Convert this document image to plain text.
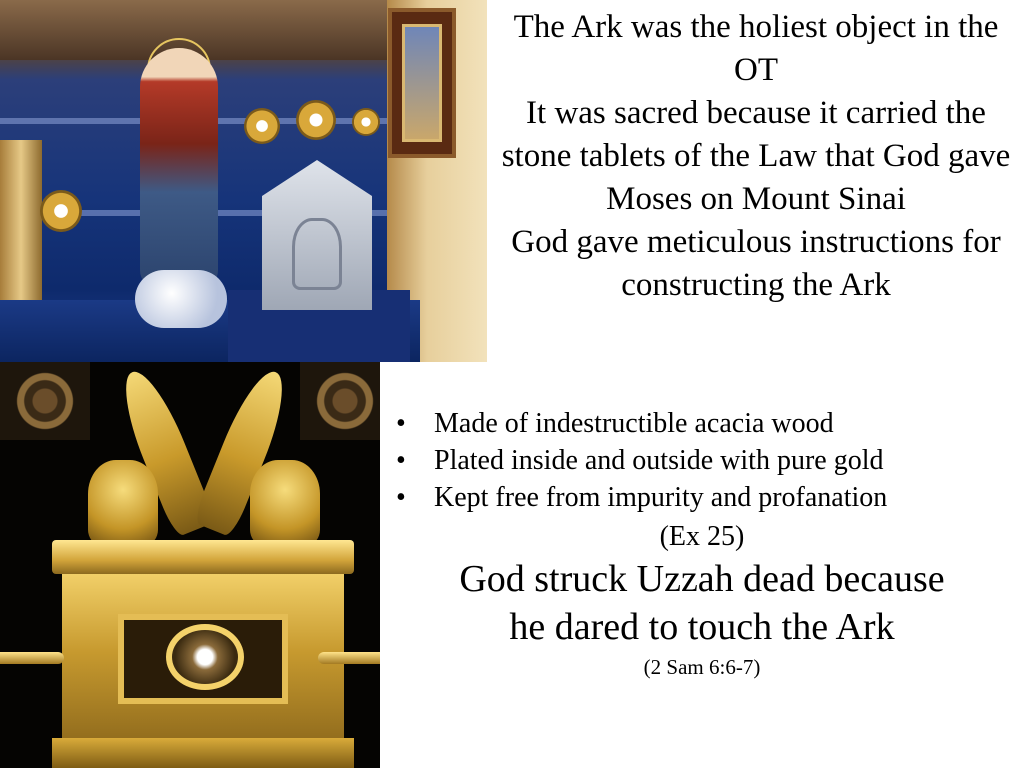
The Ark was the holiest object in the OT

It was sacred because it carried the stone tablets of the Law that God gave Moses on Mount Sinai

God gave meticulous instructions for constructing the Ark

• Made of indestructible acacia wood
• Plated inside and outside with pure gold
• Kept free from impurity and profanation
(Ex 25)
God struck Uzzah dead because
he dared to touch the Ark
(2 Sam 6:6-7)
